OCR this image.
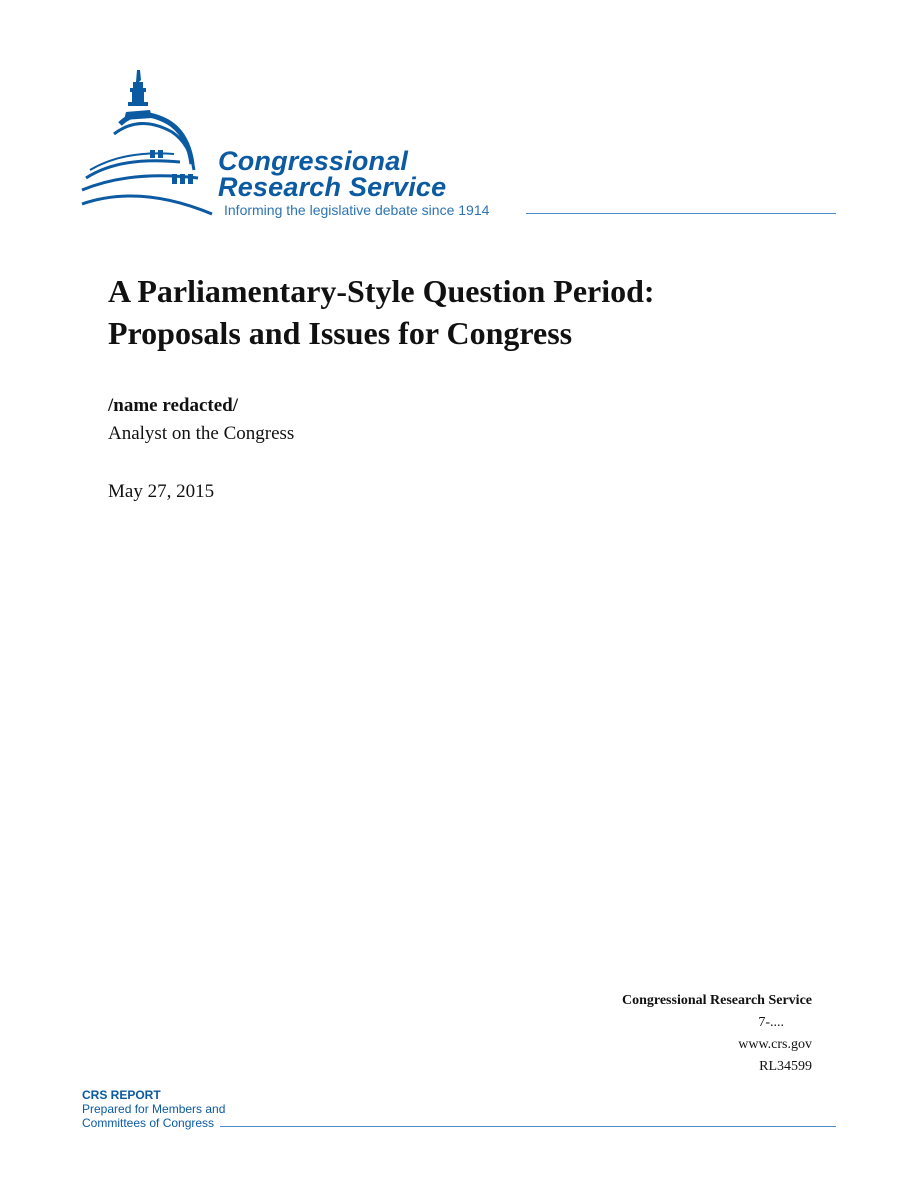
Congressional
Research Service
Informing the legislative debate since 1914
A Parliamentary-Style Question Period:
Proposals and Issues for Congress
/name redacted/
Analyst on the Congress
May 27, 2015
Congressional Research Service
7-....
www.crs.gov
RL34599
CRS REPORT
Prepared for Members and
Committees of Congress
